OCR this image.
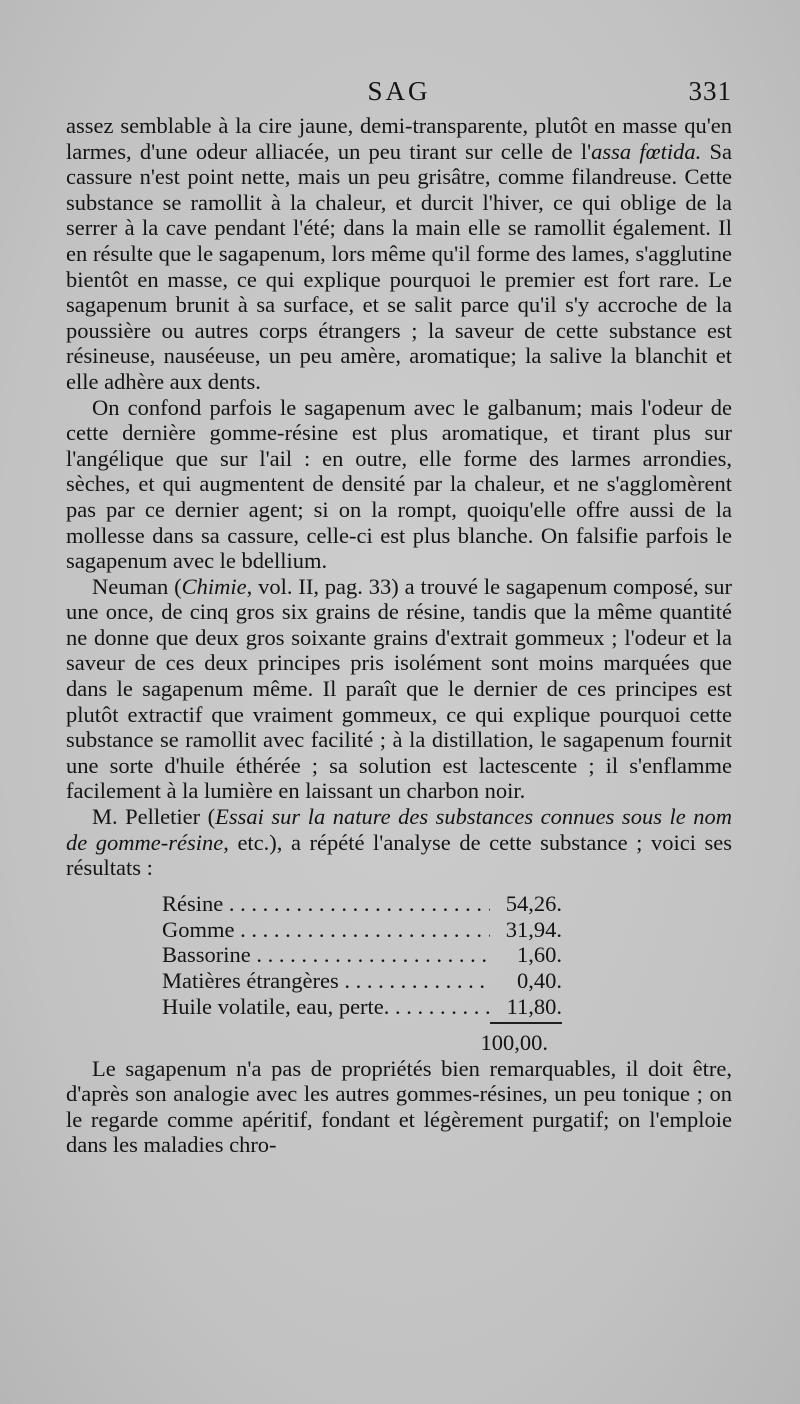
SAG	331

assez semblable à la cire jaune, demi-transparente, plutôt en masse qu'en larmes, d'une odeur alliacée, un peu tirant sur celle de l'assa fœtida. Sa cassure n'est point nette, mais un peu grisâtre, comme filandreuse. Cette substance se ramollit à la chaleur, et durcit l'hiver, ce qui oblige de la serrer à la cave pendant l'été; dans la main elle se ramollit également. Il en résulte que le sagapenum, lors même qu'il forme des lames, s'agglutine bientôt en masse, ce qui explique pourquoi le premier est fort rare. Le sagapenum brunit à sa surface, et se salit parce qu'il s'y accroche de la poussière ou autres corps étrangers ; la saveur de cette substance est résineuse, nauséeuse, un peu amère, aromatique; la salive la blanchit et elle adhère aux dents.

On confond parfois le sagapenum avec le galbanum; mais l'odeur de cette dernière gomme-résine est plus aromatique, et tirant plus sur l'angélique que sur l'ail : en outre, elle forme des larmes arrondies, sèches, et qui augmentent de densité par la chaleur, et ne s'agglomèrent pas par ce dernier agent; si on la rompt, quoiqu'elle offre aussi de la mollesse dans sa cassure, celle-ci est plus blanche. On falsifie parfois le sagapenum avec le bdellium.

Neuman (Chimie, vol. II, pag. 33) a trouvé le sagapenum composé, sur une once, de cinq gros six grains de résine, tandis que la même quantité ne donne que deux gros soixante grains d'extrait gommeux ; l'odeur et la saveur de ces deux principes pris isolément sont moins marquées que dans le sagapenum même. Il paraît que le dernier de ces principes est plutôt extractif que vraiment gommeux, ce qui explique pourquoi cette substance se ramollit avec facilité ; à la distillation, le sagapenum fournit une sorte d'huile éthérée ; sa solution est lactescente ; il s'enflamme facilement à la lumière en laissant un charbon noir.

M. Pelletier (Essai sur la nature des substances connues sous le nom de gomme-résine, etc.), a répété l'analyse de cette substance ; voici ses résultats :

Résine . . .	54,26.
Gomme . . .	31,94.
Bassorine . . .	1,60.
Matières étrangères . . .	0,40.
Huile volatile, eau, perte. . . .	11,80.
100,00.

Le sagapenum n'a pas de propriétés bien remarquables, il doit être, d'après son analogie avec les autres gommes-résines, un peu tonique ; on le regarde comme apéritif, fondant et légèrement purgatif; on l'emploie dans les maladies chro-
